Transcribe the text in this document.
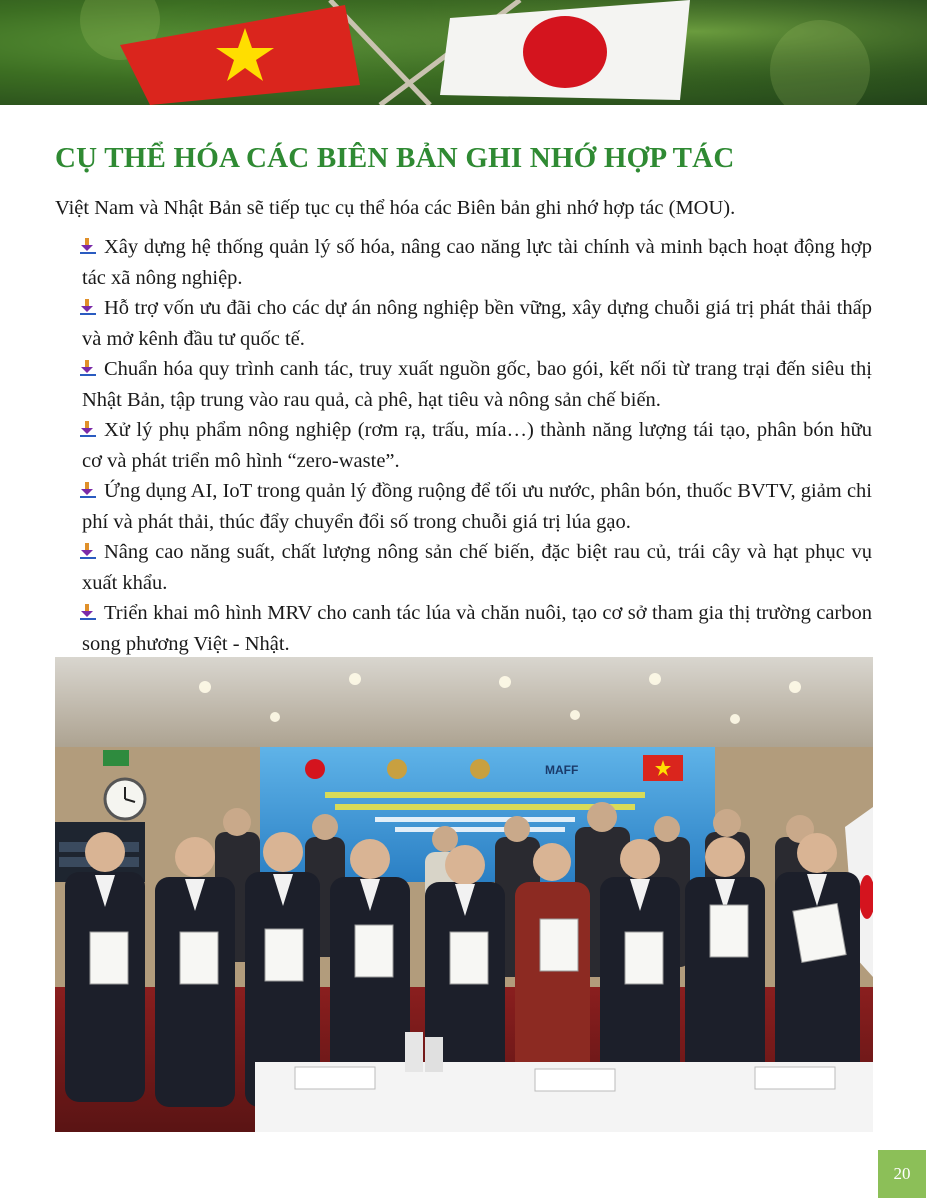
CỤ THỂ HÓA CÁC BIÊN BẢN GHI NHỚ HỢP TÁC

Việt Nam và Nhật Bản sẽ tiếp tục cụ thể hóa các Biên bản ghi nhớ hợp tác (MOU).

Xây dựng hệ thống quản lý số hóa, nâng cao năng lực tài chính và minh bạch hoạt động hợp tác xã nông nghiệp.
Hỗ trợ vốn ưu đãi cho các dự án nông nghiệp bền vững, xây dựng chuỗi giá trị phát thải thấp và mở kênh đầu tư quốc tế.
Chuẩn hóa quy trình canh tác, truy xuất nguồn gốc, bao gói, kết nối từ trang trại đến siêu thị Nhật Bản, tập trung vào rau quả, cà phê, hạt tiêu và nông sản chế biến.
Xử lý phụ phẩm nông nghiệp (rơm rạ, trấu, mía…) thành năng lượng tái tạo, phân bón hữu cơ và phát triển mô hình “zero-waste”.
Ứng dụng AI, IoT trong quản lý đồng ruộng để tối ưu nước, phân bón, thuốc BVTV, giảm chi phí và phát thải, thúc đẩy chuyển đổi số trong chuỗi giá trị lúa gạo.
Nâng cao năng suất, chất lượng nông sản chế biến, đặc biệt rau củ, trái cây và hạt phục vụ xuất khẩu.
Triển khai mô hình MRV cho canh tác lúa và chăn nuôi, tạo cơ sở tham gia thị trường carbon song phương Việt - Nhật.
MAFF
20
